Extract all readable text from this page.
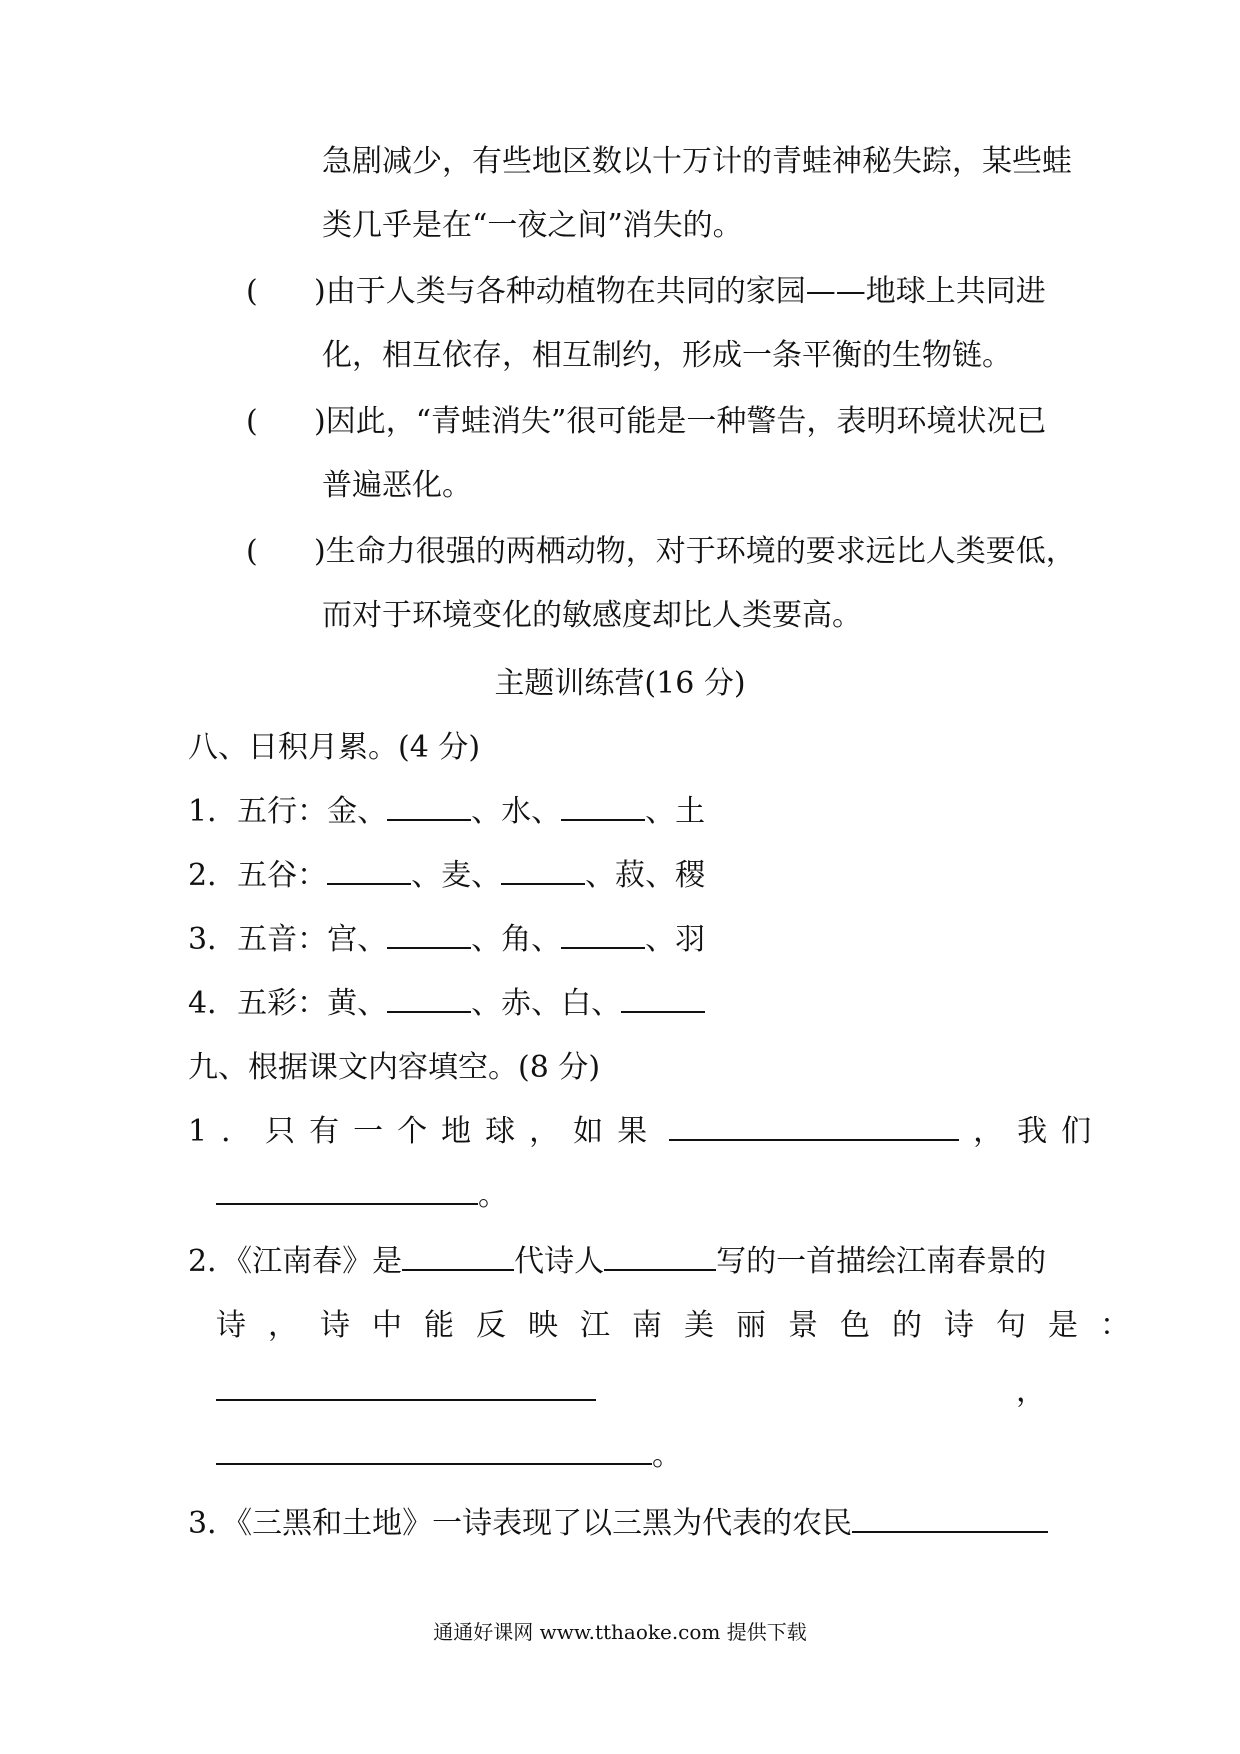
急剧减少，有些地区数以十万计的青蛙神秘失踪，某些蛙
类几乎是在“一夜之间”消失的。
( )由于人类与各种动植物在共同的家园——地球上共同进
化，相互依存，相互制约，形成一条平衡的生物链。
( )因此，“青蛙消失”很可能是一种警告，表明环境状况已
普遍恶化。
( )生命力很强的两栖动物，对于环境的要求远比人类要低，
而对于环境变化的敏感度却比人类要高。
主题训练营(16 分)
八、日积月累。(4 分)
1．五行：金、	、水、	、土
2．五谷：	、麦、	、菽、稷
3．五音：宫、	、角、	、羽
4．五彩：黄、	、赤、白、
九、根据课文内容填空。(8 分)
1．只有一个地球，如果	，我们
。
2．《江南春》是	代诗人	写的一首描绘江南春景的
诗，诗中能反映江南美丽景色的诗句是：
，
。
3．《三黑和土地》一诗表现了以三黑为代表的农民
通通好课网 www.tthaoke.com 提供下载
